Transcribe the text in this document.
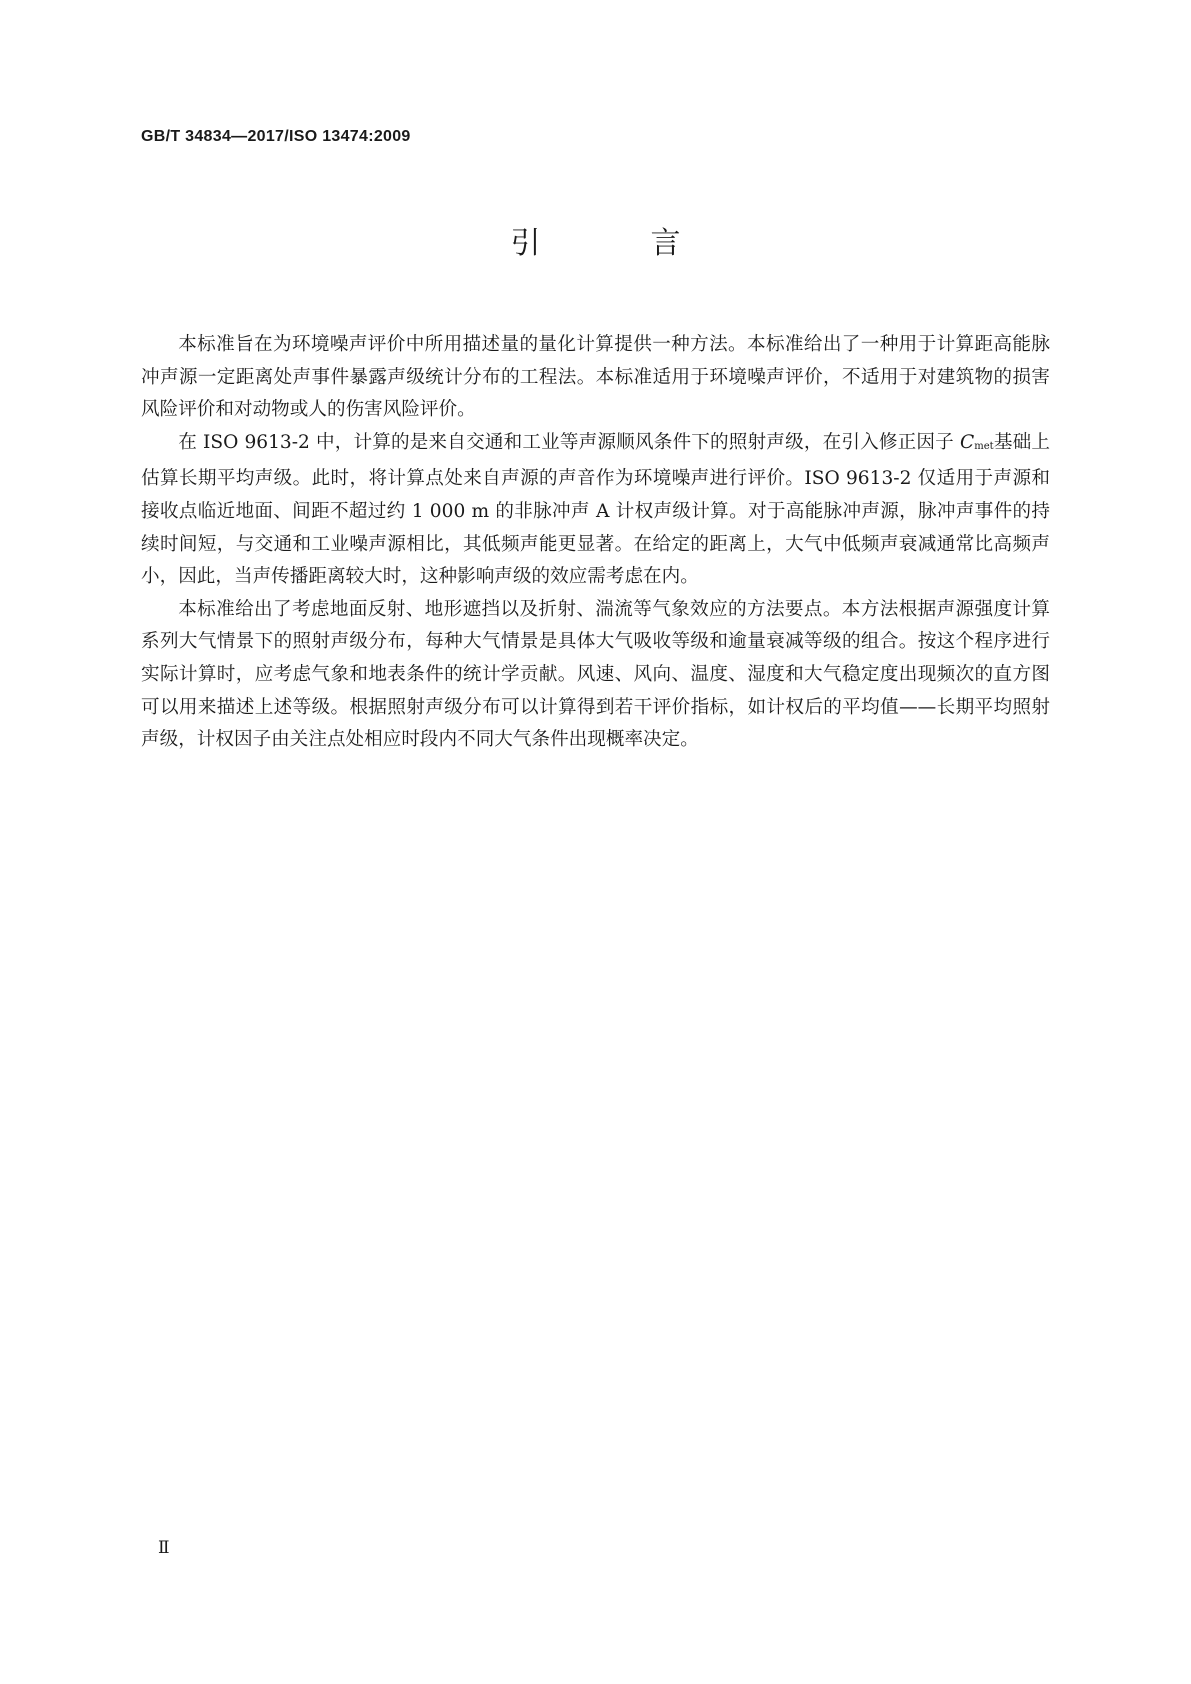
GB/T 34834—2017/ISO 13474:2009
引　言

本标准旨在为环境噪声评价中所用描述量的量化计算提供一种方法。本标准给出了一种用于计算距高能脉冲声源一定距离处声事件暴露声级统计分布的工程法。本标准适用于环境噪声评价，不适用于对建筑物的损害风险评价和对动物或人的伤害风险评价。

在 ISO 9613-2 中，计算的是来自交通和工业等声源顺风条件下的照射声级，在引入修正因子 $C_{met}$基础上估算长期平均声级。此时，将计算点处来自声源的声音作为环境噪声进行评价。ISO 9613-2 仅适用于声源和接收点临近地面、间距不超过约 1 000 m 的非脉冲声 A 计权声级计算。对于高能脉冲声源，脉冲声事件的持续时间短，与交通和工业噪声源相比，其低频声能更显著。在给定的距离上，大气中低频声衰减通常比高频声小，因此，当声传播距离较大时，这种影响声级的效应需考虑在内。

本标准给出了考虑地面反射、地形遮挡以及折射、湍流等气象效应的方法要点。本方法根据声源强度计算系列大气情景下的照射声级分布，每种大气情景是具体大气吸收等级和逾量衰减等级的组合。按这个程序进行实际计算时，应考虑气象和地表条件的统计学贡献。风速、风向、温度、湿度和大气稳定度出现频次的直方图可以用来描述上述等级。根据照射声级分布可以计算得到若干评价指标，如计权后的平均值——长期平均照射声级，计权因子由关注点处相应时段内不同大气条件出现概率决定。

Ⅱ
